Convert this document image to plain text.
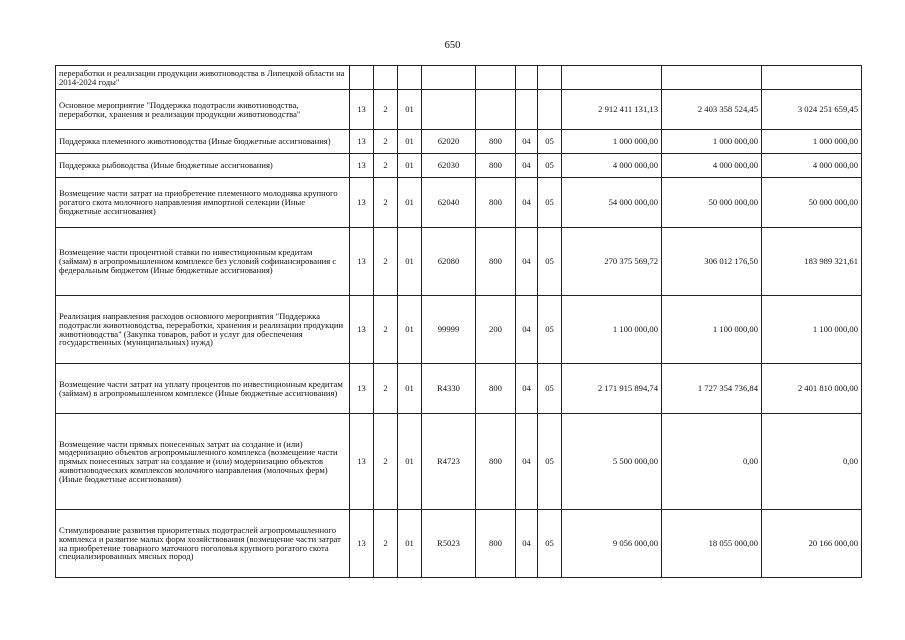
650
переработки и реализации продукции животноводства в Липецкой области на 2014-2024 годы"										
Основное мероприятие "Поддержка подотрасли животноводства, переработки, хранения и реализации продукции животноводства"	13	2	01					2 912 411 131,13	2 403 358 524,45	3 024 251 659,45
Поддержка племенного животноводства (Иные бюджетные ассигнования)	13	2	01	62020	800	04	05	1 000 000,00	1 000 000,00	1 000 000,00
Поддержка рыбоводства (Иные бюджетные ассигнования)	13	2	01	62030	800	04	05	4 000 000,00	4 000 000,00	4 000 000,00
Возмещение части затрат на приобретение племенного молодняка крупного рогатого скота молочного направления импортной селекции (Иные бюджетные ассигнования)	13	2	01	62040	800	04	05	54 000 000,00	50 000 000,00	50 000 000,00
Возмещение части процентной ставки по инвестиционным кредитам (займам) в агропромышленном комплексе без условий софинансирования с федеральным бюджетом (Иные бюджетные ассигнования)	13	2	01	62080	800	04	05	270 375 569,72	306 012 176,50	183 989 321,61
Реализация направления расходов основного мероприятия "Поддержка подотрасли животноводства, переработки, хранения и реализации продукции животноводства" (Закупка товаров, работ и услуг для обеспечения государственных (муниципальных) нужд)	13	2	01	99999	200	04	05	1 100 000,00	1 100 000,00	1 100 000,00
Возмещение части затрат на уплату процентов по инвестиционным кредитам (займам) в агропромышленном комплексе (Иные бюджетные ассигнования)	13	2	01	R4330	800	04	05	2 171 915 894,74	1 727 354 736,84	2 401 810 000,00
Возмещение части прямых понесенных затрат на создание и (или) модернизацию объектов агропромышленного комплекса (возмещение части прямых понесенных затрат на создание и (или) модернизацию объектов животноводческих комплексов молочного направления (молочных ферм) (Иные бюджетные ассигнования)	13	2	01	R4723	800	04	05	5 500 000,00	0,00	0,00
Стимулирование развития приоритетных подотраслей агропромышленного комплекса и развитие малых форм хозяйствования (возмещение части затрат на приобретение товарного маточного поголовья крупного рогатого скота специализированных мясных пород)	13	2	01	R5023	800	04	05	9 056 000,00	18 055 000,00	20 166 000,00
